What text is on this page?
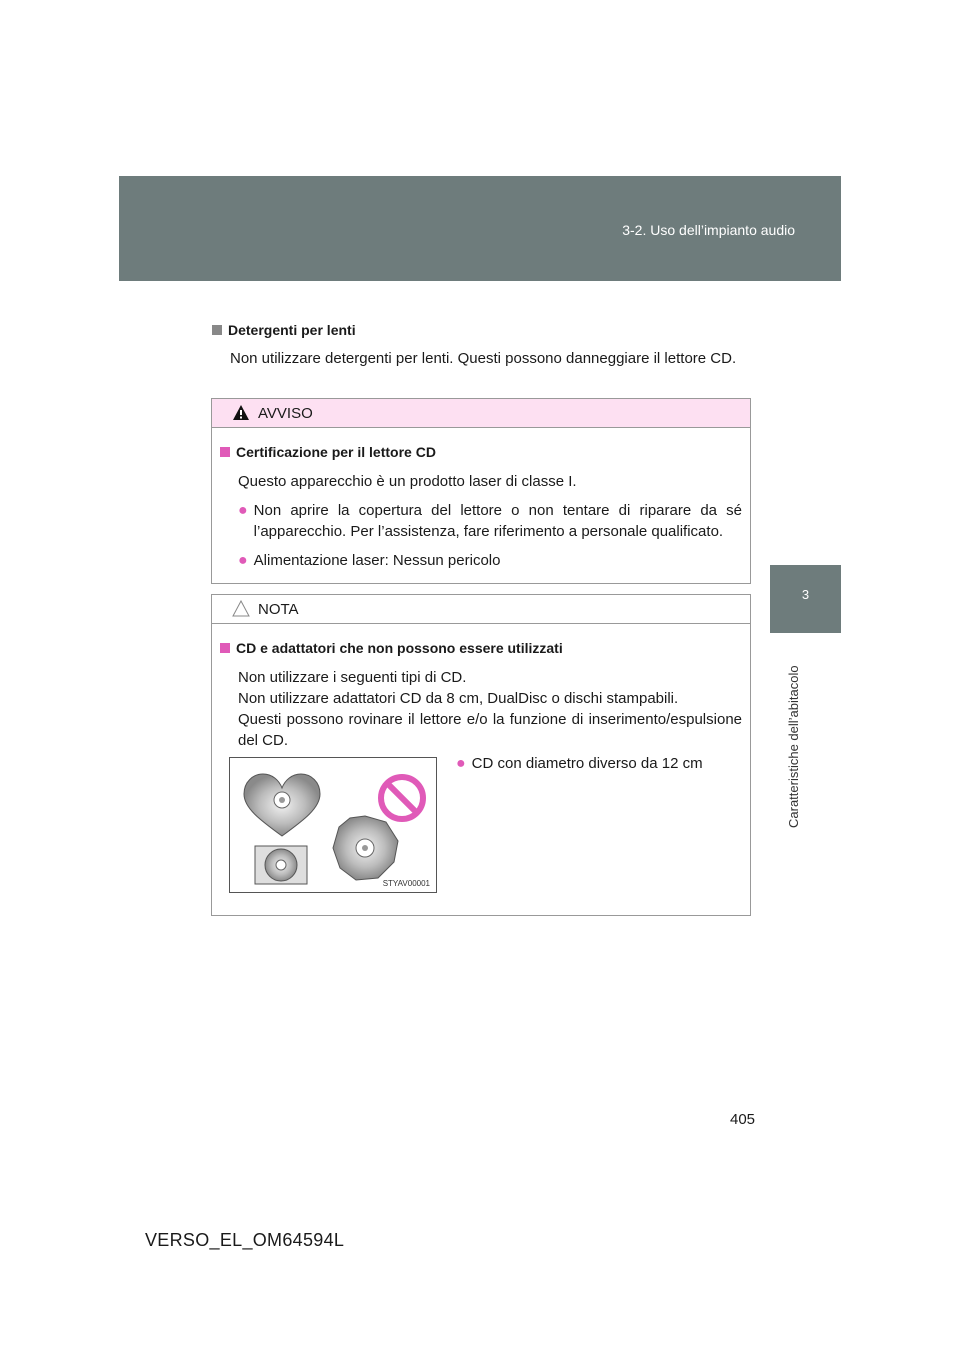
3-2. Uso dell’impianto audio
3
Caratteristiche dell’abitacolo
Detergenti per lenti
Non utilizzare detergenti per lenti. Questi possono danneggiare il lettore CD.
AVVISO
Certificazione per il lettore CD
Questo apparecchio è un prodotto laser di classe I.
● Non aprire la copertura del lettore o non tentare di riparare da sé l’apparecchio. Per l’assistenza, fare riferimento a personale qualificato.
● Alimentazione laser: Nessun pericolo
NOTA
CD e adattatori che non possono essere utilizzati
Non utilizzare i seguenti tipi di CD.
Non utilizzare adattatori CD da 8 cm, DualDisc o dischi stampabili.
Questi possono rovinare il lettore e/o la funzione di inserimento/espulsione del CD.
STYAV00001
● CD con diametro diverso da 12 cm
405
VERSO_EL_OM64594L
